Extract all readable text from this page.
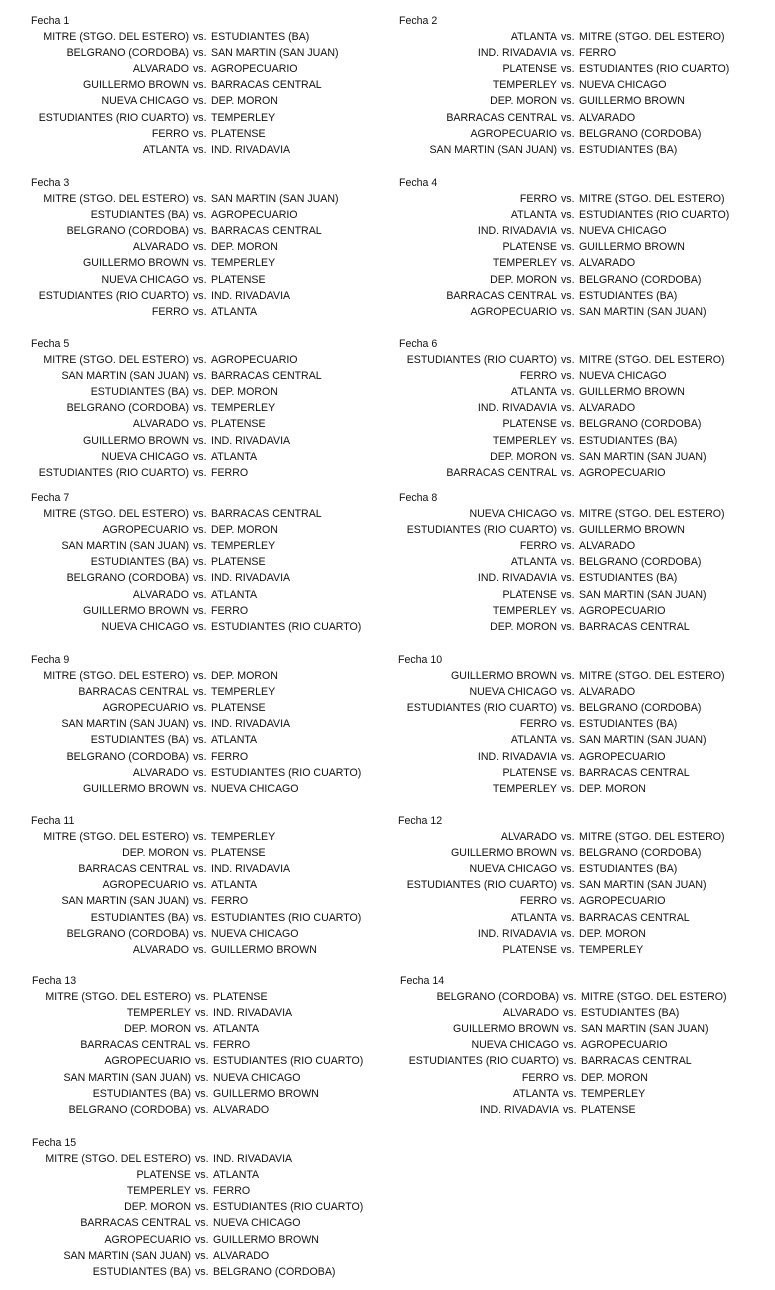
Fecha 1
MITRE (STGO. DEL ESTERO) vs. ESTUDIANTES (BA)
BELGRANO (CORDOBA) vs. SAN MARTIN (SAN JUAN)
ALVARADO vs. AGROPECUARIO
GUILLERMO BROWN vs. BARRACAS CENTRAL
NUEVA CHICAGO vs. DEP. MORON
ESTUDIANTES (RIO CUARTO) vs. TEMPERLEY
FERRO vs. PLATENSE
ATLANTA vs. IND. RIVADAVIA
Fecha 2
ATLANTA vs. MITRE (STGO. DEL ESTERO)
IND. RIVADAVIA vs. FERRO
PLATENSE vs. ESTUDIANTES (RIO CUARTO)
TEMPERLEY vs. NUEVA CHICAGO
DEP. MORON vs. GUILLERMO BROWN
BARRACAS CENTRAL vs. ALVARADO
AGROPECUARIO vs. BELGRANO (CORDOBA)
SAN MARTIN (SAN JUAN) vs. ESTUDIANTES (BA)
Fecha 3
MITRE (STGO. DEL ESTERO) vs. SAN MARTIN (SAN JUAN)
ESTUDIANTES (BA) vs. AGROPECUARIO
BELGRANO (CORDOBA) vs. BARRACAS CENTRAL
ALVARADO vs. DEP. MORON
GUILLERMO BROWN vs. TEMPERLEY
NUEVA CHICAGO vs. PLATENSE
ESTUDIANTES (RIO CUARTO) vs. IND. RIVADAVIA
FERRO vs. ATLANTA
Fecha 4
FERRO vs. MITRE (STGO. DEL ESTERO)
ATLANTA vs. ESTUDIANTES (RIO CUARTO)
IND. RIVADAVIA vs. NUEVA CHICAGO
PLATENSE vs. GUILLERMO BROWN
TEMPERLEY vs. ALVARADO
DEP. MORON vs. BELGRANO (CORDOBA)
BARRACAS CENTRAL vs. ESTUDIANTES (BA)
AGROPECUARIO vs. SAN MARTIN (SAN JUAN)
Fecha 5
MITRE (STGO. DEL ESTERO) vs. AGROPECUARIO
SAN MARTIN (SAN JUAN) vs. BARRACAS CENTRAL
ESTUDIANTES (BA) vs. DEP. MORON
BELGRANO (CORDOBA) vs. TEMPERLEY
ALVARADO vs. PLATENSE
GUILLERMO BROWN vs. IND. RIVADAVIA
NUEVA CHICAGO vs. ATLANTA
ESTUDIANTES (RIO CUARTO) vs. FERRO
Fecha 6
ESTUDIANTES (RIO CUARTO) vs. MITRE (STGO. DEL ESTERO)
FERRO vs. NUEVA CHICAGO
ATLANTA vs. GUILLERMO BROWN
IND. RIVADAVIA vs. ALVARADO
PLATENSE vs. BELGRANO (CORDOBA)
TEMPERLEY vs. ESTUDIANTES (BA)
DEP. MORON vs. SAN MARTIN (SAN JUAN)
BARRACAS CENTRAL vs. AGROPECUARIO
Fecha 7
MITRE (STGO. DEL ESTERO) vs. BARRACAS CENTRAL
AGROPECUARIO vs. DEP. MORON
SAN MARTIN (SAN JUAN) vs. TEMPERLEY
ESTUDIANTES (BA) vs. PLATENSE
BELGRANO (CORDOBA) vs. IND. RIVADAVIA
ALVARADO vs. ATLANTA
GUILLERMO BROWN vs. FERRO
NUEVA CHICAGO vs. ESTUDIANTES (RIO CUARTO)
Fecha 8
NUEVA CHICAGO vs. MITRE (STGO. DEL ESTERO)
ESTUDIANTES (RIO CUARTO) vs. GUILLERMO BROWN
FERRO vs. ALVARADO
ATLANTA vs. BELGRANO (CORDOBA)
IND. RIVADAVIA vs. ESTUDIANTES (BA)
PLATENSE vs. SAN MARTIN (SAN JUAN)
TEMPERLEY vs. AGROPECUARIO
DEP. MORON vs. BARRACAS CENTRAL
Fecha 9
MITRE (STGO. DEL ESTERO) vs. DEP. MORON
BARRACAS CENTRAL vs. TEMPERLEY
AGROPECUARIO vs. PLATENSE
SAN MARTIN (SAN JUAN) vs. IND. RIVADAVIA
ESTUDIANTES (BA) vs. ATLANTA
BELGRANO (CORDOBA) vs. FERRO
ALVARADO vs. ESTUDIANTES (RIO CUARTO)
GUILLERMO BROWN vs. NUEVA CHICAGO
Fecha 10
GUILLERMO BROWN vs. MITRE (STGO. DEL ESTERO)
NUEVA CHICAGO vs. ALVARADO
ESTUDIANTES (RIO CUARTO) vs. BELGRANO (CORDOBA)
FERRO vs. ESTUDIANTES (BA)
ATLANTA vs. SAN MARTIN (SAN JUAN)
IND. RIVADAVIA vs. AGROPECUARIO
PLATENSE vs. BARRACAS CENTRAL
TEMPERLEY vs. DEP. MORON
Fecha 11
MITRE (STGO. DEL ESTERO) vs. TEMPERLEY
DEP. MORON vs. PLATENSE
BARRACAS CENTRAL vs. IND. RIVADAVIA
AGROPECUARIO vs. ATLANTA
SAN MARTIN (SAN JUAN) vs. FERRO
ESTUDIANTES (BA) vs. ESTUDIANTES (RIO CUARTO)
BELGRANO (CORDOBA) vs. NUEVA CHICAGO
ALVARADO vs. GUILLERMO BROWN
Fecha 12
ALVARADO vs. MITRE (STGO. DEL ESTERO)
GUILLERMO BROWN vs. BELGRANO (CORDOBA)
NUEVA CHICAGO vs. ESTUDIANTES (BA)
ESTUDIANTES (RIO CUARTO) vs. SAN MARTIN (SAN JUAN)
FERRO vs. AGROPECUARIO
ATLANTA vs. BARRACAS CENTRAL
IND. RIVADAVIA vs. DEP. MORON
PLATENSE vs. TEMPERLEY
Fecha 13
MITRE (STGO. DEL ESTERO) vs. PLATENSE
TEMPERLEY vs. IND. RIVADAVIA
DEP. MORON vs. ATLANTA
BARRACAS CENTRAL vs. FERRO
AGROPECUARIO vs. ESTUDIANTES (RIO CUARTO)
SAN MARTIN (SAN JUAN) vs. NUEVA CHICAGO
ESTUDIANTES (BA) vs. GUILLERMO BROWN
BELGRANO (CORDOBA) vs. ALVARADO
Fecha 14
BELGRANO (CORDOBA) vs. MITRE (STGO. DEL ESTERO)
ALVARADO vs. ESTUDIANTES (BA)
GUILLERMO BROWN vs. SAN MARTIN (SAN JUAN)
NUEVA CHICAGO vs. AGROPECUARIO
ESTUDIANTES (RIO CUARTO) vs. BARRACAS CENTRAL
FERRO vs. DEP. MORON
ATLANTA vs. TEMPERLEY
IND. RIVADAVIA vs. PLATENSE
Fecha 15
MITRE (STGO. DEL ESTERO) vs. IND. RIVADAVIA
PLATENSE vs. ATLANTA
TEMPERLEY vs. FERRO
DEP. MORON vs. ESTUDIANTES (RIO CUARTO)
BARRACAS CENTRAL vs. NUEVA CHICAGO
AGROPECUARIO vs. GUILLERMO BROWN
SAN MARTIN (SAN JUAN) vs. ALVARADO
ESTUDIANTES (BA) vs. BELGRANO (CORDOBA)
